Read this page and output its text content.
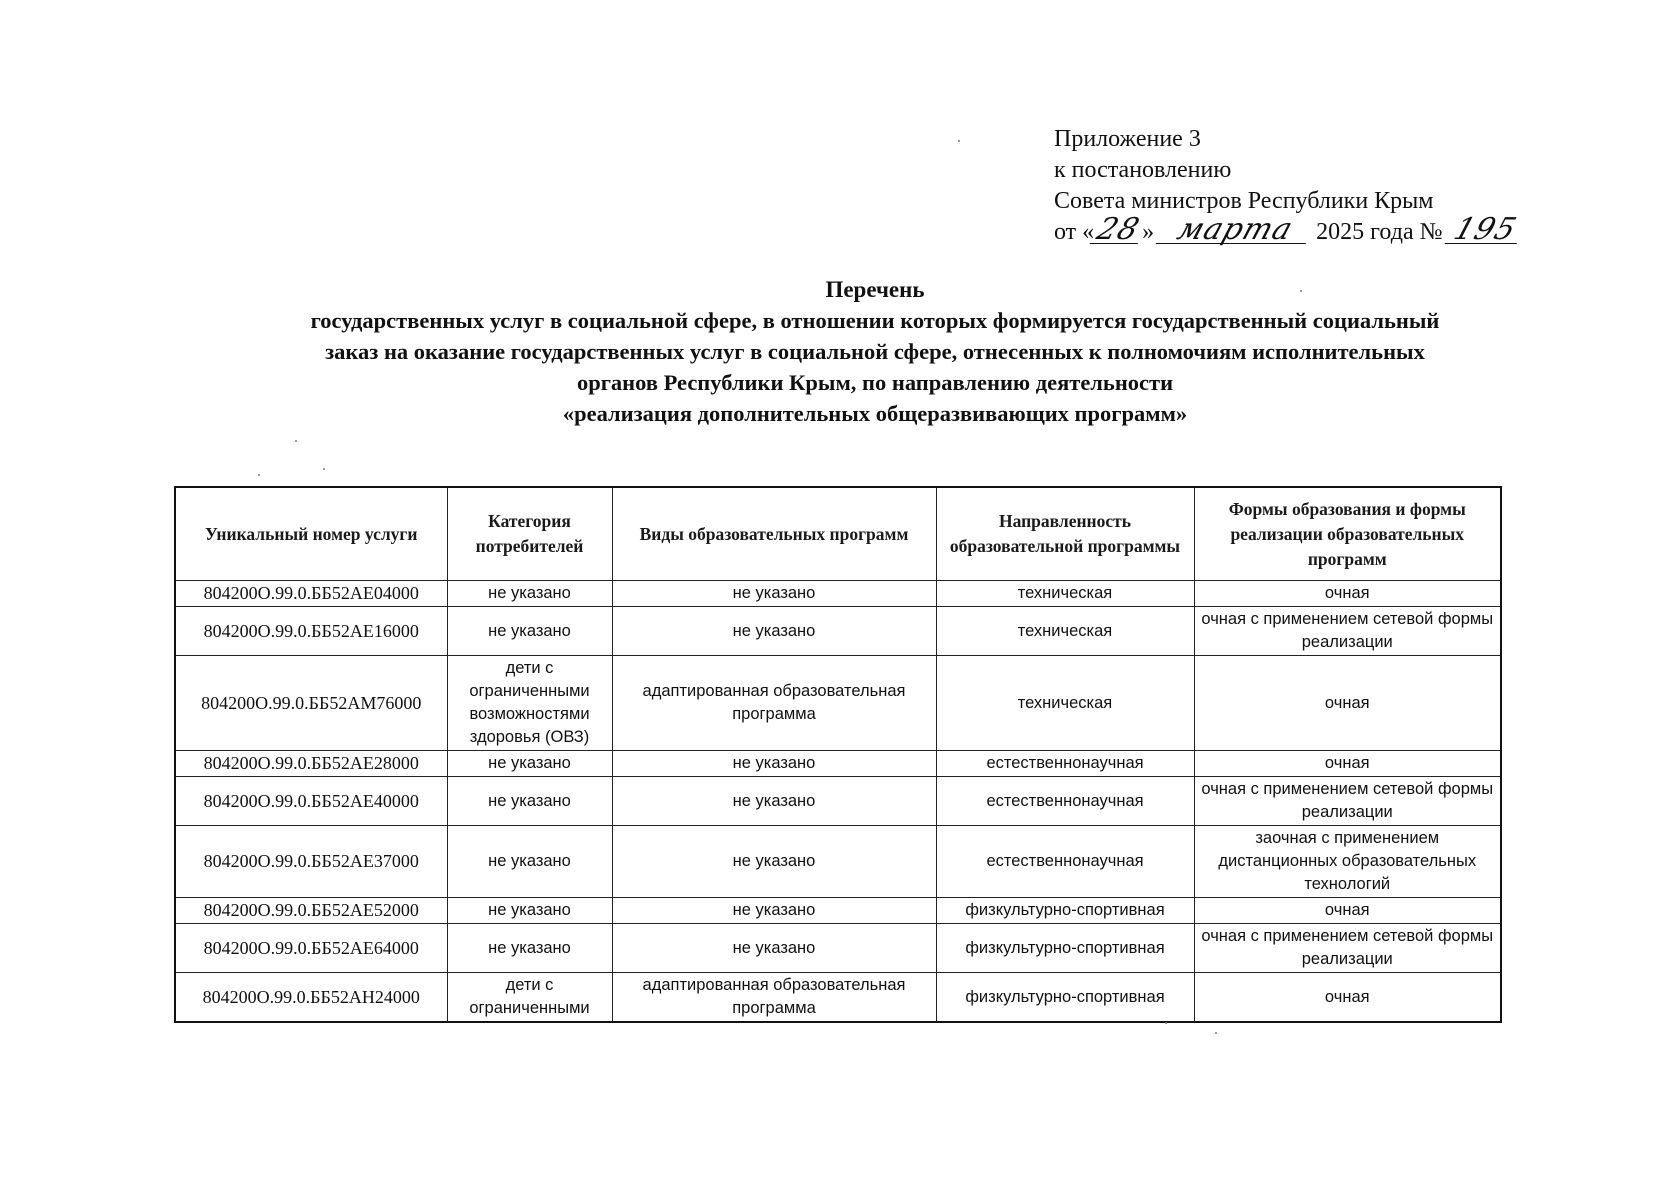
Приложение 3
к постановлению
Совета министров Республики Крым
от «28» марта 2025 года № 195
Перечень
государственных услуг в социальной сфере, в отношении которых формируется государственный социальный
заказ на оказание государственных услуг в социальной сфере, отнесенных к полномочиям исполнительных
органов Республики Крым, по направлению деятельности
«реализация дополнительных общеразвивающих программ»
Уникальный номер услуги	Категория потребителей	Виды образовательных программ	Направленность образовательной программы	Формы образования и формы реализации образовательных программ
804200О.99.0.ББ52АЕ04000	не указано	не указано	техническая	очная
804200О.99.0.ББ52АЕ16000	не указано	не указано	техническая	очная с применением сетевой формы реализации
804200О.99.0.ББ52АМ76000	дети с ограниченными возможностями здоровья (ОВЗ)	адаптированная образовательная программа	техническая	очная
804200О.99.0.ББ52АЕ28000	не указано	не указано	естественнонаучная	очная
804200О.99.0.ББ52АЕ40000	не указано	не указано	естественнонаучная	очная с применением сетевой формы реализации
804200О.99.0.ББ52АЕ37000	не указано	не указано	естественнонаучная	заочная с применением дистанционных образовательных технологий
804200О.99.0.ББ52АЕ52000	не указано	не указано	физкультурно-спортивная	очная
804200О.99.0.ББ52АЕ64000	не указано	не указано	физкультурно-спортивная	очная с применением сетевой формы реализации
804200О.99.0.ББ52АН24000	дети с ограниченными	адаптированная образовательная программа	физкультурно-спортивная	очная
